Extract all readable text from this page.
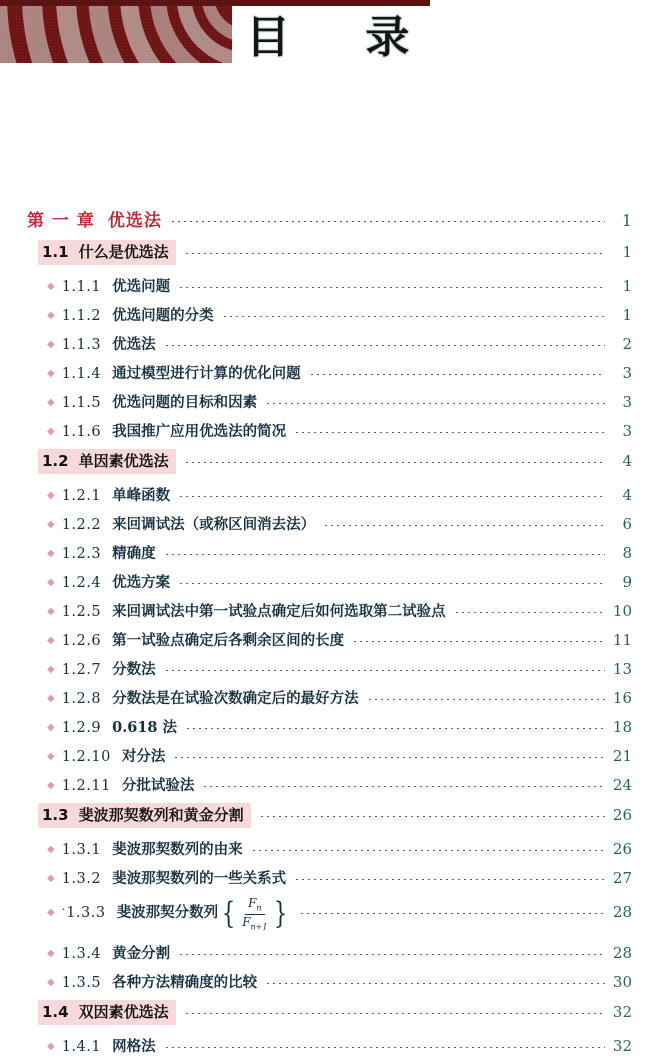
目 录
第 一 章 优选法	1
1.1 什么是优选法	1
◆ 1.1.1 优选问题	1
◆ 1.1.2 优选问题的分类	1
◆ 1.1.3 优选法	2
◆ 1.1.4 通过模型进行计算的优化问题	3
◆ 1.1.5 优选问题的目标和因素	3
◆ 1.1.6 我国推广应用优选法的简况	3
1.2 单因素优选法	4
◆ 1.2.1 单峰函数	4
◆ 1.2.2 来回调试法（或称区间消去法）	6
◆ 1.2.3 精确度	8
◆ 1.2.4 优选方案	9
◆ 1.2.5 来回调试法中第一试验点确定后如何选取第二试验点	10
◆ 1.2.6 第一试验点确定后各剩余区间的长度	11
◆ 1.2.7 分数法	13
◆ 1.2.8 分数法是在试验次数确定后的最好方法	16
◆ 1.2.9 0.618 法	18
◆ 1.2.10 对分法	21
◆ 1.2.11 分批试验法	24
1.3 斐波那契数列和黄金分割	26
◆ 1.3.1 斐波那契数列的由来	26
◆ 1.3.2 斐波那契数列的一些关系式	27
◆ ·1.3.3 斐波那契分数列 { $\frac{F_n}{F_{n+1}}$ }	28
◆ 1.3.4 黄金分割	28
◆ 1.3.5 各种方法精确度的比较	30
1.4 双因素优选法	32
◆ 1.4.1 网格法	32
